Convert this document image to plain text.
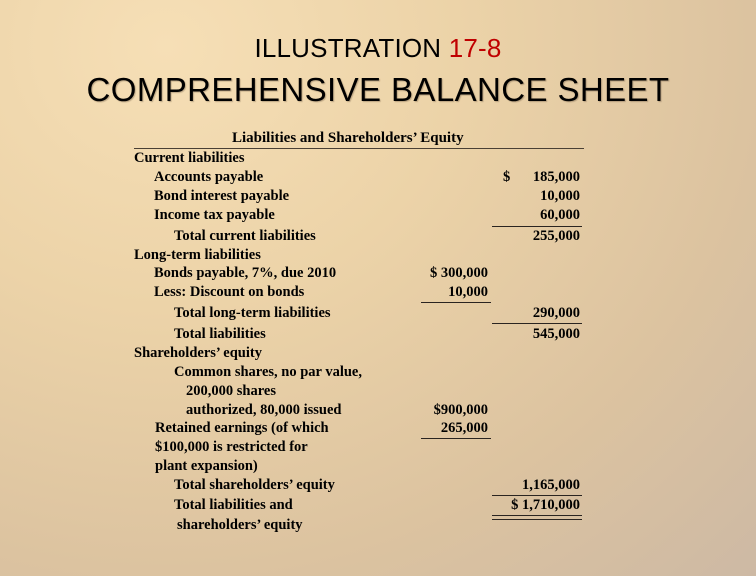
ILLUSTRATION 17-8
COMPREHENSIVE BALANCE SHEET
Liabilities and Shareholders’ Equity
Current liabilities
Accounts payable	$ 185,000
Bond interest payable	10,000
Income tax payable	60,000
Total current liabilities	255,000
Long-term liabilities
Bonds payable, 7%, due 2010	$ 300,000
Less: Discount on bonds	10,000
Total long-term liabilities	290,000
Total liabilities	545,000
Shareholders’ equity
Common shares, no par value,
200,000 shares
authorized, 80,000 issued	$900,000
Retained earnings (of which	265,000
$100,000 is restricted for
plant expansion)
Total shareholders’ equity	1,165,000
Total liabilities and	$ 1,710,000
shareholders’ equity
